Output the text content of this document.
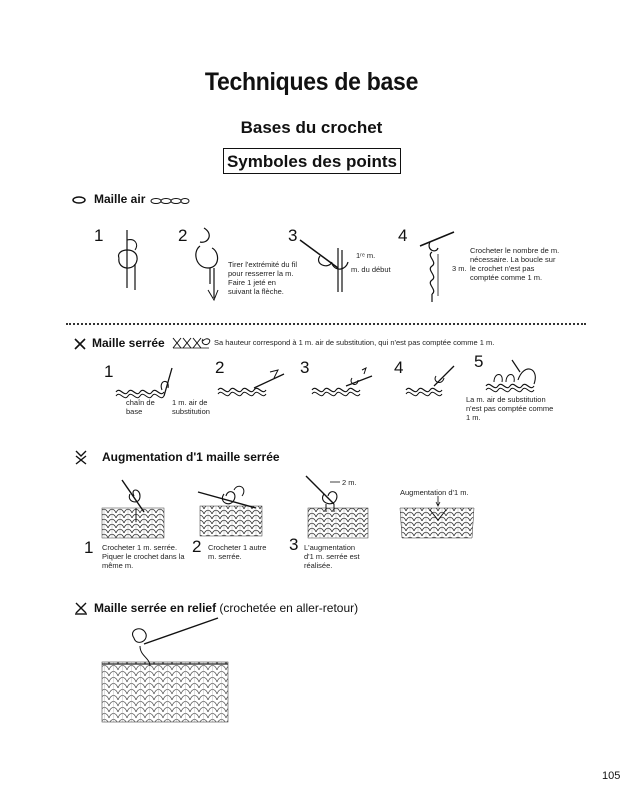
Techniques de base
Bases du crochet
Symboles des points
Maille air
1	2
Tirer l'extrémité du fil pour resserrer la m. Faire 1 jeté en suivant la flèche.
3
1ʳᵉ m.
m. du début
4
3 m.
Crocheter le nombre de m. nécessaire. La boucle sur le crochet n'est pas comptée comme 1 m.
Maille serrée	Sa hauteur correspond à 1 m. air de substitution, qui n'est pas comptée comme 1 m.
1
chaîn de base
1 m. air de substitution
2	3	4	5
La m. air de substitution n'est pas comptée comme 1 m.
Augmentation d'1 maille serrée
1 Crocheter 1 m. serrée. Piquer le crochet dans la même m.
2 Crocheter 1 autre m. serrée.
2 m.
3 L'augmentation d'1 m. serrée est réalisée.
Augmentation d'1 m.
Maille serrée en relief (crochetée en aller-retour)
105
